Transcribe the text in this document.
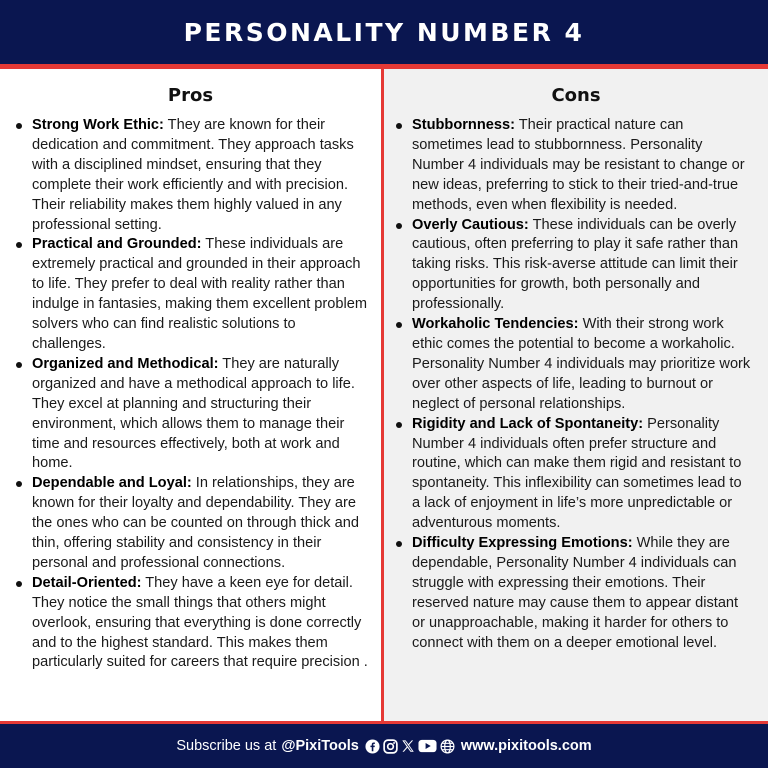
PERSONALITY NUMBER 4
Pros
Strong Work Ethic: They are known for their dedication and commitment. They approach tasks with a disciplined mindset, ensuring that they complete their work efficiently and with precision. Their reliability makes them highly valued in any professional setting.
Practical and Grounded: These individuals are extremely practical and grounded in their approach to life. They prefer to deal with reality rather than indulge in fantasies, making them excellent problem solvers who can find realistic solutions to challenges.
Organized and Methodical: They are naturally organized and have a methodical approach to life. They excel at planning and structuring their environment, which allows them to manage their time and resources effectively, both at work and home.
Dependable and Loyal: In relationships, they are known for their loyalty and dependability. They are the ones who can be counted on through thick and thin, offering stability and consistency in their personal and professional connections.
Detail-Oriented: They have a keen eye for detail. They notice the small things that others might overlook, ensuring that everything is done correctly and to the highest standard. This makes them particularly suited for careers that require precision .
Cons
Stubbornness: Their practical nature can sometimes lead to stubbornness. Personality Number 4 individuals may be resistant to change or new ideas, preferring to stick to their tried-and-true methods, even when flexibility is needed.
Overly Cautious: These individuals can be overly cautious, often preferring to play it safe rather than taking risks. This risk-averse attitude can limit their opportunities for growth, both personally and professionally.
Workaholic Tendencies: With their strong work ethic comes the potential to become a workaholic. Personality Number 4 individuals may prioritize work over other aspects of life, leading to burnout or neglect of personal relationships.
Rigidity and Lack of Spontaneity: Personality Number 4 individuals often prefer structure and routine, which can make them rigid and resistant to spontaneity. This inflexibility can sometimes lead to a lack of enjoyment in life’s more unpredictable or adventurous moments.
Difficulty Expressing Emotions: While they are dependable, Personality Number 4 individuals can struggle with expressing their emotions. Their reserved nature may cause them to appear distant or unapproachable, making it harder for others to connect with them on a deeper emotional level.
Subscribe us at @PixiTools	www.pixitools.com
